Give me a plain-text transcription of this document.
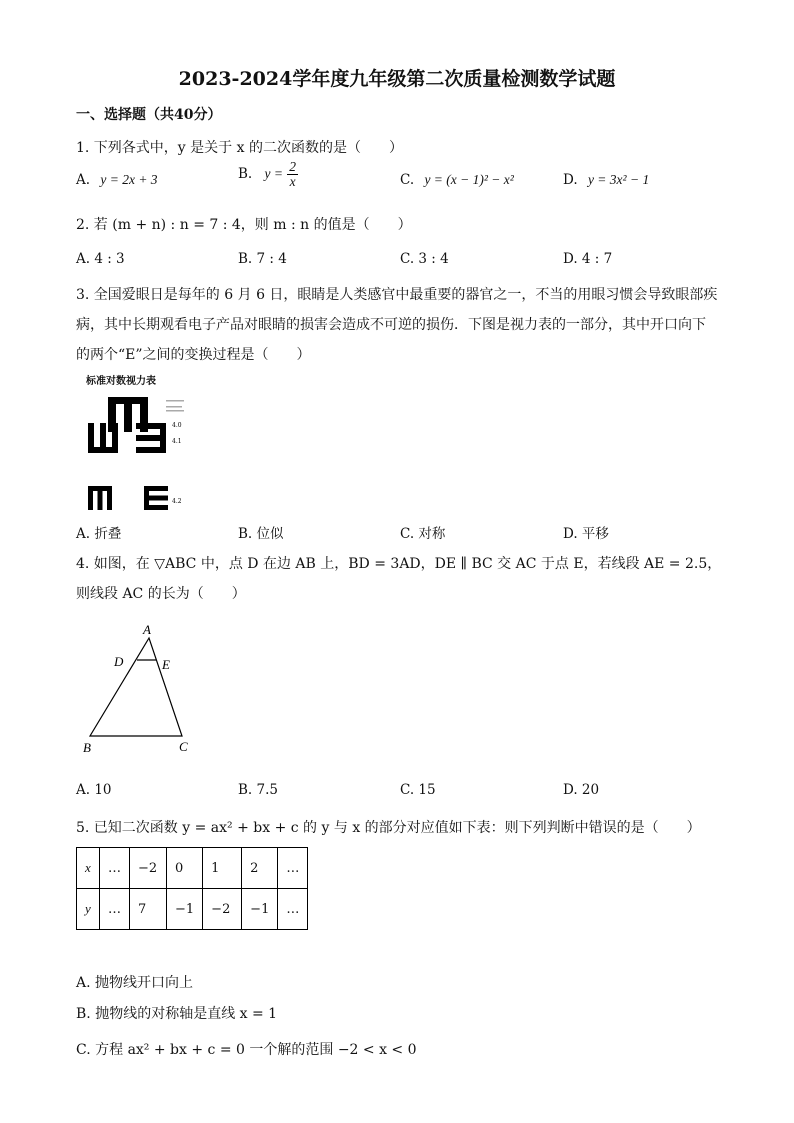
2023-2024学年度九年级第二次质量检测数学试题
一、选择题（共40分）
1. 下列各式中，y 是关于 x 的二次函数的是（　　）
A. y = 2x + 3	B. $y = \frac{2}{x}$	C. y = (x − 1)² − x²	D. y = 3x² − 1
2. 若 (m + n) : n = 7 : 4，则 m : n 的值是（　　）
A. 4 : 3	B. 7 : 4	C. 3 : 4	D. 4 : 7
3. 全国爱眼日是每年的 6 月 6 日，眼睛是人类感官中最重要的器官之一，不当的用眼习惯会导致眼部疾
病，其中长期观看电子产品对眼睛的损害会造成不可逆的损伤．下图是视力表的一部分，其中开口向下
的两个“E”之间的变换过程是（　　）
标准对数视力表
4.0
4.1
4.2
A. 折叠	B. 位似	C. 对称	D. 平移
4. 如图，在 ▽ABC 中，点 D 在边 AB 上，BD = 3AD，DE ∥ BC 交 AC 于点 E，若线段 AE = 2.5，
则线段 AC 的长为（　　）
A
D	E
B	C
A. 10	B. 7.5	C. 15	D. 20
5. 已知二次函数 y = ax² + bx + c 的 y 与 x 的部分对应值如下表：则下列判断中错误的是（　　）
x	…	−2	0	1	2	…
y	…	7	−1	−2	−1	…
A. 抛物线开口向上
B. 抛物线的对称轴是直线 x = 1
C. 方程 ax² + bx + c = 0 一个解的范围 −2 < x < 0
